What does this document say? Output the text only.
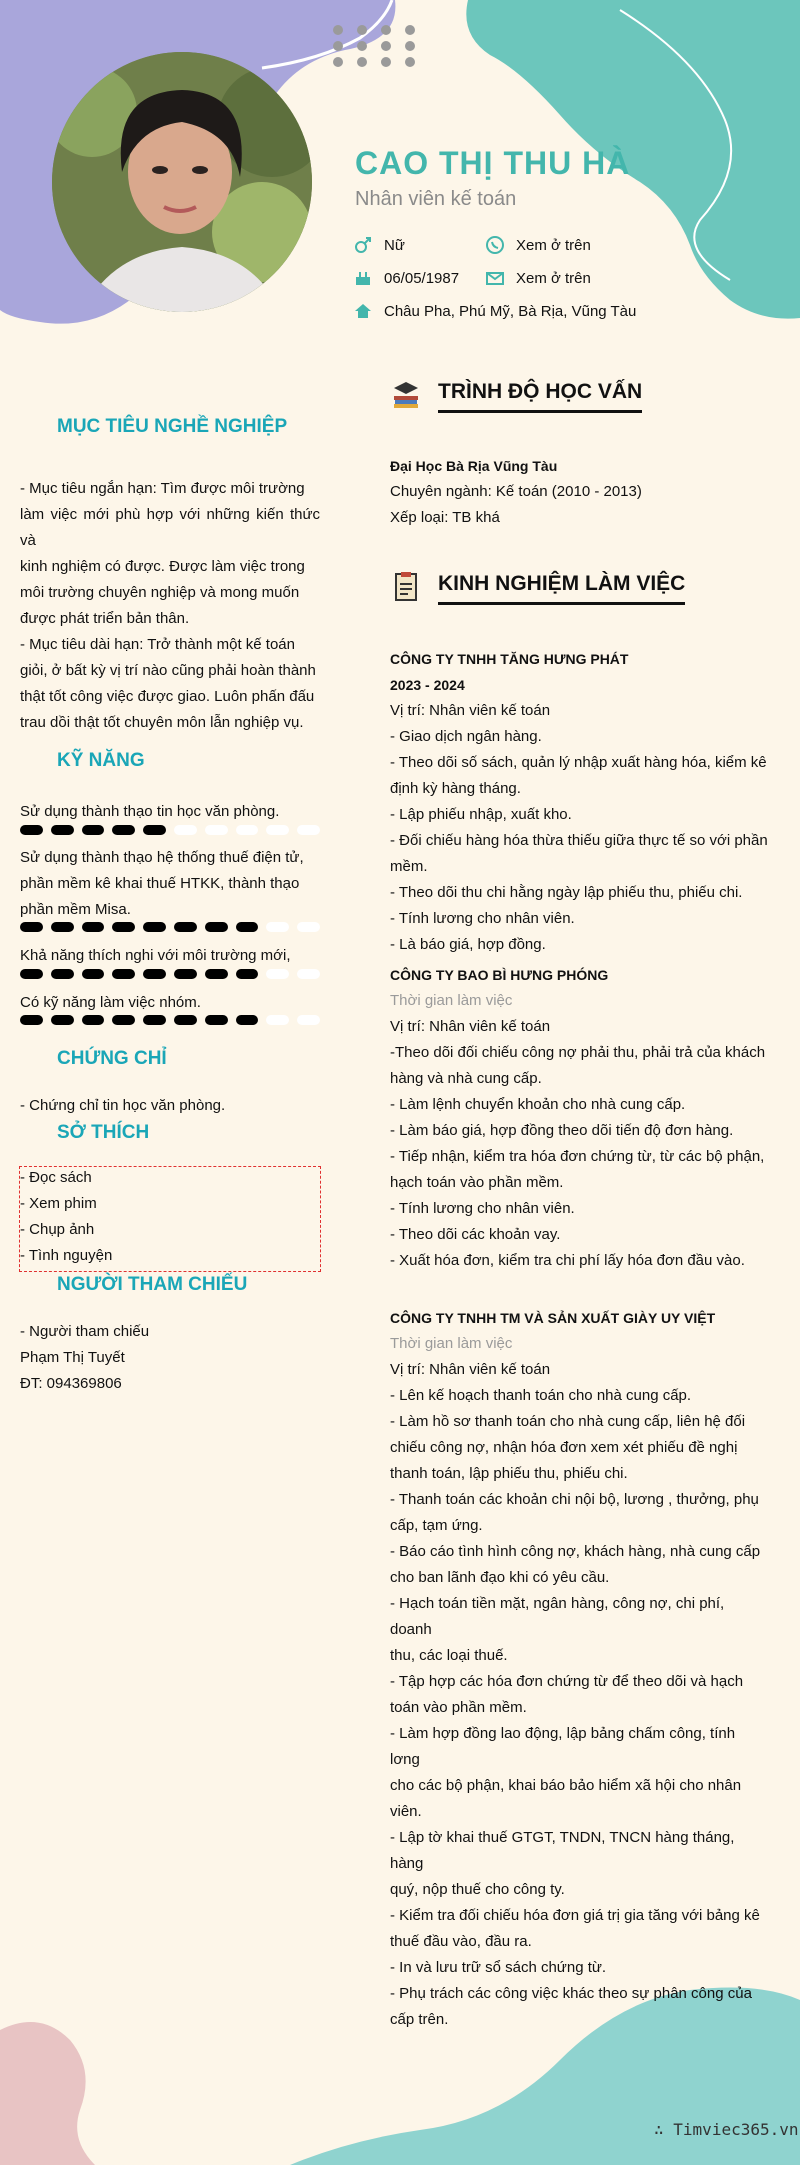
CAO THỊ THU HÀ
Nhân viên kế toán
Nữ	Xem ở trên
06/05/1987	Xem ở trên
Châu Pha, Phú Mỹ, Bà Rịa, Vũng Tàu
MỤC TIÊU NGHỀ NGHIỆP
- Mục tiêu ngắn hạn: Tìm được môi trường
làm việc mới phù hợp với những kiến thức và
kinh nghiệm có được. Được làm việc trong
môi trường chuyên nghiệp và mong muốn
được phát triển bản thân.
- Mục tiêu dài hạn: Trở thành một kế toán
giỏi, ở bất kỳ vị trí nào cũng phải hoàn thành
thật tốt công việc được giao. Luôn phấn đấu
trau dồi thật tốt chuyên môn lẫn nghiệp vụ.
KỸ NĂNG
Sử dụng thành thạo tin học văn phòng.
Sử dụng thành thạo hệ thống thuế điện tử,
phần mềm kê khai thuế HTKK, thành thạo
phần mềm Misa.
Khả năng thích nghi với môi trường mới,
Có kỹ năng làm việc nhóm.
CHỨNG CHỈ
- Chứng chỉ tin học văn phòng.
SỞ THÍCH
- Đọc sách
- Xem phim
- Chụp ảnh
- Tình nguyện
NGƯỜI THAM CHIẾU
- Người tham chiếu
Phạm Thị Tuyết
ĐT: 094369806
TRÌNH ĐỘ HỌC VẤN
Đại Học Bà Rịa Vũng Tàu
Chuyên ngành: Kế toán (2010 - 2013)
Xếp loại: TB khá
KINH NGHIỆM LÀM VIỆC
CÔNG TY TNHH TĂNG HƯNG PHÁT
2023 - 2024
Vị trí: Nhân viên kế toán
- Giao dịch ngân hàng.
- Theo dõi số sách, quản lý nhập xuất hàng hóa, kiểm kê
định kỳ hàng tháng.
- Lập phiếu nhập, xuất kho.
- Đối chiếu hàng hóa thừa thiếu giữa thực tế so với phần
mềm.
- Theo dõi thu chi hằng ngày lập phiếu thu, phiếu chi.
- Tính lương cho nhân viên.
- Là báo giá, hợp đồng.
CÔNG TY BAO BÌ HƯNG PHÓNG
Thời gian làm việc
Vị trí: Nhân viên kế toán
-Theo dõi đối chiếu công nợ phải thu, phải trả của khách
hàng và nhà cung cấp.
- Làm lệnh chuyển khoản cho nhà cung cấp.
- Làm báo giá, hợp đồng theo dõi tiến độ đơn hàng.
- Tiếp nhận, kiểm tra hóa đơn chứng từ, từ các bộ phận,
hạch toán vào phần mềm.
- Tính lương cho nhân viên.
- Theo dõi các khoản vay.
- Xuất hóa đơn, kiểm tra chi phí lấy hóa đơn đầu vào.
CÔNG TY TNHH TM VÀ SẢN XUẤT GIÀY UY VIỆT
Thời gian làm việc
Vị trí: Nhân viên kế toán
- Lên kế hoạch thanh toán cho nhà cung cấp.
- Làm hồ sơ thanh toán cho nhà cung cấp, liên hệ đối
chiếu công nợ, nhận hóa đơn xem xét phiếu đề nghị
thanh toán, lập phiếu thu, phiếu chi.
- Thanh toán các khoản chi nội bộ, lương , thưởng, phụ
cấp, tạm ứng.
- Báo cáo tình hình công nợ, khách hàng, nhà cung cấp
cho ban lãnh đạo khi có yêu cầu.
- Hạch toán tiền mặt, ngân hàng, công nợ, chi phí, doanh
thu, các loại thuế.
- Tập hợp các hóa đơn chứng từ để theo dõi và hạch
toán vào phần mềm.
- Làm hợp đồng lao động, lập bảng chấm công, tính lơng
cho các bộ phận, khai báo bảo hiểm xã hội cho nhân
viên.
- Lập tờ khai thuế GTGT, TNDN, TNCN hàng tháng, hàng
quý, nộp thuế cho công ty.
- Kiểm tra đối chiếu hóa đơn giá trị gia tăng với bảng kê
thuế đầu vào, đầu ra.
- In và lưu trữ sổ sách chứng từ.
- Phụ trách các công việc khác theo sự phân công của
cấp trên.
∴ Timviec365.vn
